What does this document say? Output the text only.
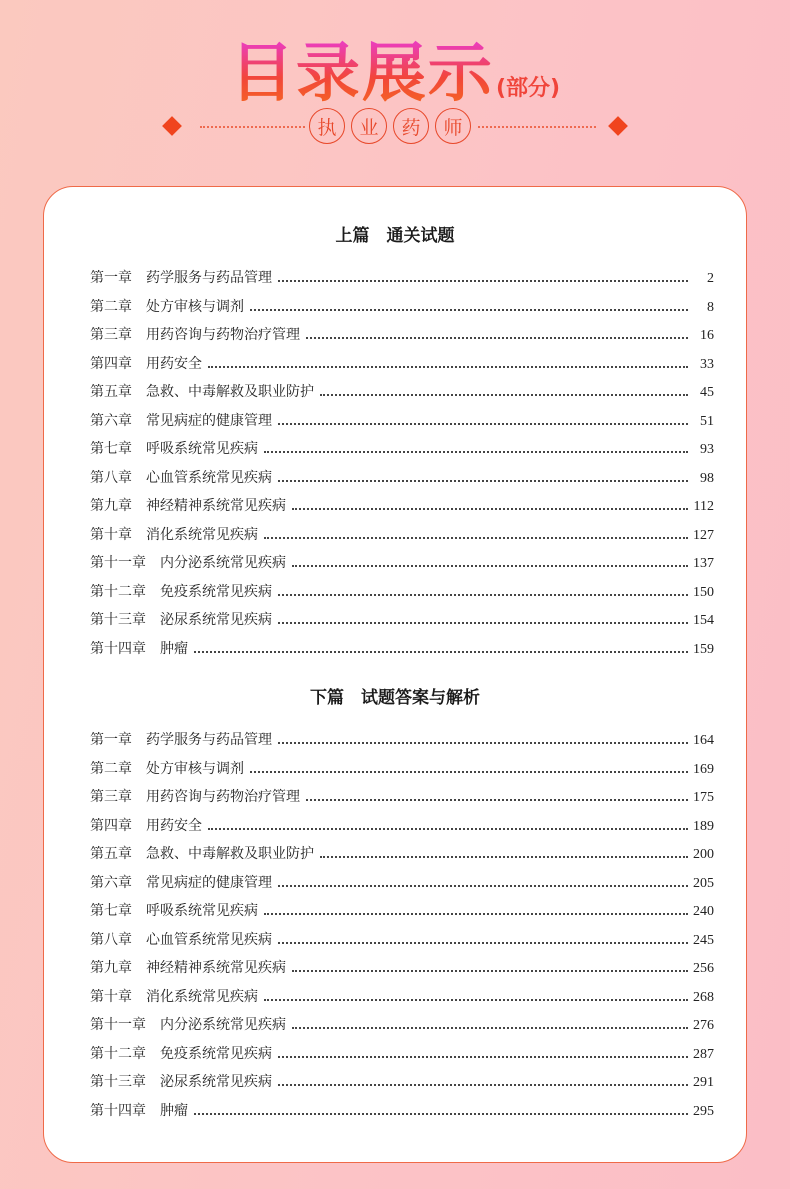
目录展示(部分)
执	业	药	师
上篇　通关试题
第一章 药学服务与药品管理	2
第二章 处方审核与调剂	8
第三章 用药咨询与药物治疗管理	16
第四章 用药安全	33
第五章 急救、中毒解救及职业防护	45
第六章 常见病症的健康管理	51
第七章 呼吸系统常见疾病	93
第八章 心血管系统常见疾病	98
第九章 神经精神系统常见疾病	112
第十章 消化系统常见疾病	127
第十一章 内分泌系统常见疾病	137
第十二章 免疫系统常见疾病	150
第十三章 泌尿系统常见疾病	154
第十四章 肿瘤	159
下篇　试题答案与解析
第一章 药学服务与药品管理	164
第二章 处方审核与调剂	169
第三章 用药咨询与药物治疗管理	175
第四章 用药安全	189
第五章 急救、中毒解救及职业防护	200
第六章 常见病症的健康管理	205
第七章 呼吸系统常见疾病	240
第八章 心血管系统常见疾病	245
第九章 神经精神系统常见疾病	256
第十章 消化系统常见疾病	268
第十一章 内分泌系统常见疾病	276
第十二章 免疫系统常见疾病	287
第十三章 泌尿系统常见疾病	291
第十四章 肿瘤	295
